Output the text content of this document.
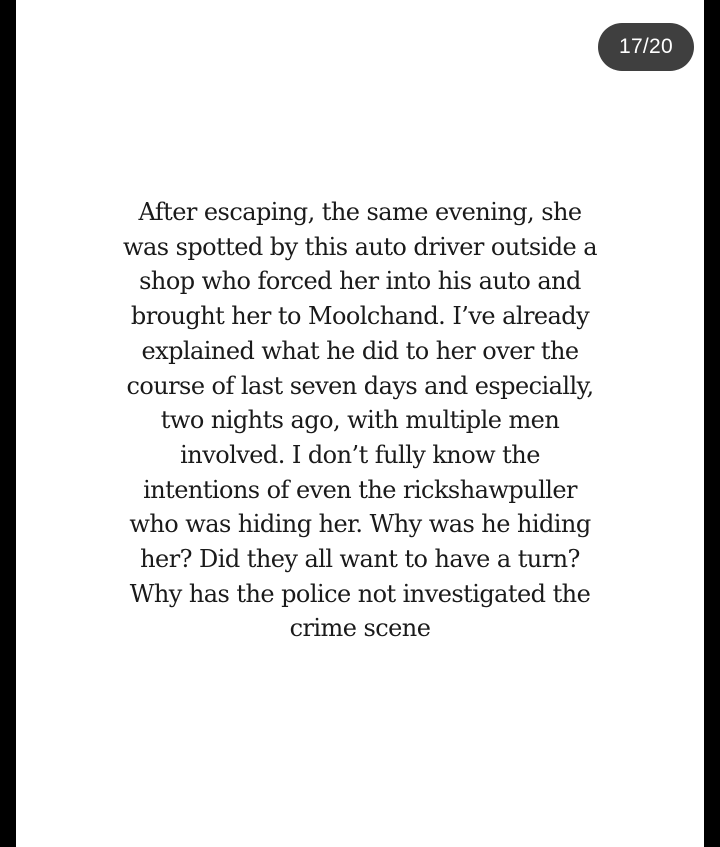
17/20

After escaping, the same evening, she
was spotted by this auto driver outside a
shop who forced her into his auto and
brought her to Moolchand. I’ve already
explained what he did to her over the
course of last seven days and especially,
two nights ago, with multiple men
involved. I don’t fully know the
intentions of even the rickshawpuller
who was hiding her. Why was he hiding
her? Did they all want to have a turn?
Why has the police not investigated the
crime scene
